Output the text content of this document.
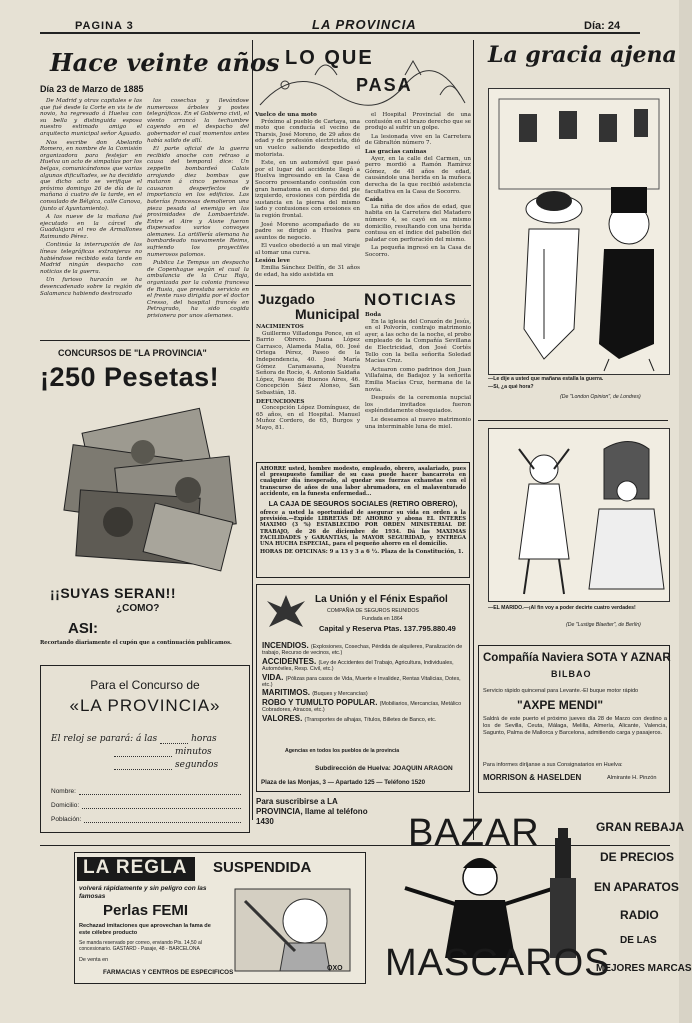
PAGINA 3	LA PROVINCIA	Día: 24
Hace veinte años
Día 23 de Marzo de 1885

De Madrid y otras capitales e las que fué desde la Corte en vis te de novio, ha regresado á Huelva con su bella y distinguida esposa nuestro estimado amigo el arquitecto municipal señor Aguado.

Nos escribe don Abelardo Romero, en nombre de la Comisión organizadora para festejar en Huelva un acto de simpatías por los belgas, comunicándonos que varias algunas dificultades, se ha decidido que dicho acto se verifique el próximo domingo 26 de día de la mañana á cuatro de la tarde, en el consulado de Bélgica, calle Canova, (junto al Ayuntamiento).

A las nueve de la mañana fué ejecutado en la cárcel de Guadalajara el reo de Armallones Raimundo Pérez.

Continúa la interrupción de las líneas telegráficas extranjeras no habiéndose recibido esta tarde en Madrid ningún despacho con noticias de la guerra.

Un furioso huracán se ha desencadenado sobre la región de Salamanca habiendo destrozado

las cosechas y llevándose numerosos árboles y postes telegráficos. En el Gobierno civil, el viento arrancó la techumbre cayendo en el despacho del gobernador el cual momentos antes había salido de allí.

El parte oficial de la guerra recibido anoche con retraso a causa del temporal dice: Un zeppelin bombardeó Calais arrojando diez bombas que mataron á cinco personas y causaron desperfectos de importancia en los edificios. Las baterías francesas demolieron una pieza pesada al enemigo en las proximidades de Lombaertzide. Entre el Aire y Aisne fueron dispersados varios convoyes alemanes. La artillería alemana ha bombardeado nuevamente Reims, sufriendo los proyectiles numerosos palomos.

Publica Le Tempus un despacho de Copenhague según el cual la ambulancia de la Cruz Roja, organizada por la colonia francesa de Rusia, que prestaba servicio en el frente ruso dirigida por el doctor Cresso, del hospital francés en Petrogrado, ha sido cogida prisionera por unos alemanes.

CONCURSOS DE "LA PROVINCIA"
¡250 Pesetas!
¡¡SUYAS SERAN!!
¿COMO?
ASI:
Recortando diariamente el cupón que a continuación publicamos.
Para el Concurso de
«LA PROVINCIA»
El reloj se parará: á las	horas
minutos
segundos
Nombre:
Domicilio:
Población:
LO QUE
PASA
Vuelco de una moto

Próximo al pueblo de Cartaya, una moto que conducía el vecino de Tharsis, José Moreno, de 29 años de edad y de profesión electricista, dió un vuelco saliendo despedido el motorista.

Este, en un automóvil que pasó por el lugar del accidente llegó a Huelva ingresando en la Casa de Socorro presentando contusión con gran hematoma en el dorso del pie izquierdo, erosiones con pérdida de sustancia en la pierna del mismo lado y contusiones con erosiones en la región frontal.

José Moreno acompañado de su padre se dirigió a Huelva para asuntos de negocio.

El vuelco obedeció a un mal viraje al tomar una curva.

Lesión leve

Emilia Sánchez Delfín, de 31 años de edad, ha sido asistida en

el Hospital Provincial de una contusión en el brazo derecho que se produjo al sufrir un golpe.

La lesionada vive en la Carretera de Gibraltón número 7.

Las gracias caninas

Ayer, en la calle del Carmen, un perro mordió a Ramón Ramírez Gómez, de 48 años de edad, causándole una herida en la muñeca derecha de la que recibió asistencia facultativa en la Casa de Socorro.

Caída

La niña de dos años de edad, que habita en la Carretera del Matadero número 4, se cayó en su mismo domicilio, resultando con una herida contusa en el índice del pabellón del paladar con perforación del mismo.

La pequeña ingresó en la Casa de Socorro.

Juzgado
Municipal
NACIMIENTOS

Guillermo Villadonga Ponce, en el Barrio Obrero. Juana López Carrasco, Alameda Malia, 60. José Ortega Pérez, Paseo de la Independencia, 40. José María Gómez Caramasana, Nuestra Señora de Rocío, 4. Antonio Saldaña López, Paseo de Buenos Aires, 46. Concepción Sáez Alonso, San Sebastián, 18.

DEFUNCIONES

Concepción López Domínguez, de 65 años, en el Hospital. Manuel Muñoz Cordero, de 65, Burgos y Mayo, 81.

NOTICIAS
Boda

En la iglesia del Corazón de Jesús, en el Polvorín, contrajo matrimonio ayer, a las ocho de la noche, el probo empleado de la Compañía Sevillana de Electricidad, don José Cortés Tello con la bella señorita Soledad Macías Cruz.

Actuaron como padrinos don Juan Villafaina, de Badajoz y la señorita Emilia Macías Cruz, hermana de la novia.

Después de la ceremonia nupcial los invitados fueron espléndidamente obsequiados.

Le deseamos al nuevo matrimonio una interminable luna de miel.

AHORRE usted, hombre modesto, empleado, obrero, asalariado, pues el presupuesto familiar de su casa puede hacer bancarrota en cualquier día inesperado, al quedar sus fuerzas exhaustas con el transcurso de años de una labor abrumadora, en el malaventurado accidente, en la funesta enfermedad...
LA CAJA DE SEGUROS SOCIALES (RETIRO OBRERO),
ofrece a usted la oportunidad de asegurar su vida en orden a la previsión.—Expide LIBRETAS DE AHORRO y abona EL INTERES MAXIMO (3 %) ESTABLECIDO POR ORDEN MINISTERIAL DE TRABAJO, de 26 de diciembre de 1934. Dá las MAXIMAS FACILIDADES y GARANTIAS, la MAYOR SEGURIDAD, y ENTREGA UNA HUCHA ESPECIAL, para el pequeño ahorro en el domicilio.
HORAS DE OFICINAS: 9 a 13 y 3 a 6 ½. Plaza de la Constitución, 1.
La Unión y el Fénix Español
COMPAÑIA DE SEGUROS REUNIDOS
Fundada en 1864
Capital y Reserva Ptas. 137.795.880.49
INCENDIOS. (Explosiones, Cosechas, Pérdida de alquileres, Paralización de trabajo, Recurso de vecinos, etc.)
ACCIDENTES. (Ley de Accidentes del Trabajo, Agricultura, Individuales, Automóviles, Resp. Civil, etc.)
VIDA. (Pólizas para casos de Vida, Muerte e Invalidez, Rentas Vitalicias, Dotes, etc.)
MARITIMOS. (Buques y Mercancías)
ROBO Y TUMULTO POPULAR. (Mobiliarios, Mercancías, Metálico Cobradores, Atracos, etc.)
VALORES. (Transportes de alhajas, Títulos, Billetes de Banco, etc.
Agencias en todos los pueblos de la provincia
Subdirección de Huelva: JOAQUIN ARAGON
Plaza de las Monjas, 3 — Apartado 125 — Teléfono 1520
Para suscribirse a LA PROVINCIA, llame al teléfono 1430
La gracia ajena
—Le dije a usted que mañana estalla la guerra.
—Si, ¿a qué hora?
(De "London Opinion", de Londres)
—EL MARIDO.—¡Al fin voy a poder decirte cuatro verdades!
(De "Lustige Blaetter", de Berlín)
Compañía Naviera SOTA Y AZNAR
BILBAO
Servicio rápido quincenal para Levante.-El buque motor rápido
"AXPE MENDI"
Saldrá de este puerto el próximo jueves día 28 de Marzo con destino a los de Sevilla, Ceuta, Málaga, Melilla, Almería, Alicante, Valencia, Sagunto, Palma de Mallorca y Barcelona, admitiendo carga y pasajeros.
Para informes diríjanse a sus Consignatarios en Huelva:
MORRISON & HASELDEN	Almirante H. Pinzón
LA REGLA SUSPENDIDA
volverá rápidamente y sin peligro con las famosas
Perlas FEMI
Rechazad imitaciones que aprovechan la fama de este célebre producto
Se manda reservado por correo, enviando Pts. 14,50 al concesionario. GASTARD - Pasaje, 48 - BARCELONA
De venta en
FARMACIAS Y CENTROS DE ESPECIFICOS
OXO
BAZAR
MASCAROS
GRAN REBAJA
DE PRECIOS
EN APARATOS
RADIO
DE LAS
MEJORES MARCAS
